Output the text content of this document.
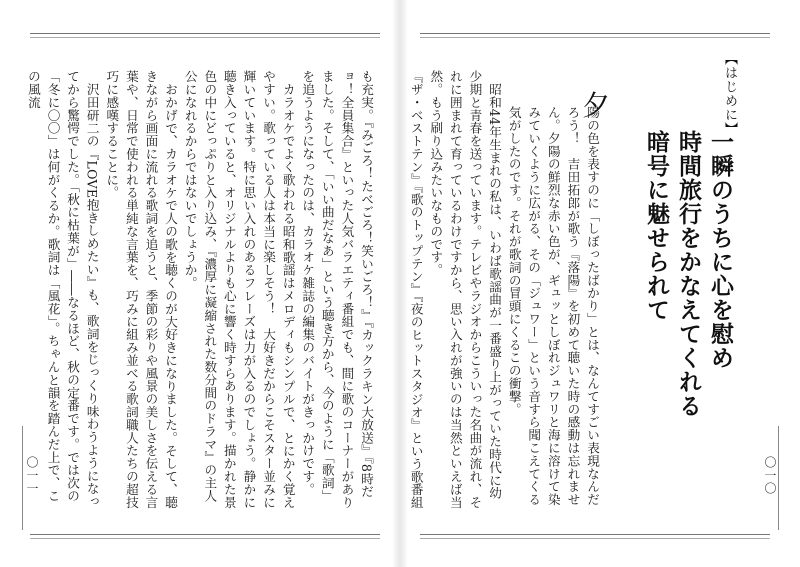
〇一一	〇一〇
【はじめに】
一瞬のうちに心を慰め
時間旅行をかなえてくれる
暗号に魅せられて
夕

陽の色を表すのに「しぼったばかり」とは、なんてすごい表現なんだろう！　吉田拓郎が歌う『落陽』を初めて聴いた時の感動は忘れません。夕陽の鮮烈な赤い色が、ギュッとしぼれジュワリと海に溶けて染みていくように広がる、その「ジュワー」という音すら聞こえてくる気がしたのです。それが歌詞の冒頭にくるこの衝撃。

昭和44年生まれの私は、いわば歌謡曲が一番盛り上がっていた時代に幼少期と青春を送っています。テレビやラジオからこういった名曲が流れ、それに囲まれて育っているわけですから、思い入れが強いのは当然といえば当然。もう刷り込みたいなものです。

『ザ・ベストテン』『歌のトップテン』『夜のヒットスタジオ』という歌番組

も充実。『みごろ！たべごろ！笑いごろ！』『カックラキン大放送』『8時だョ！全員集合』といった人気バラエティ番組でも、間に歌のコーナーがありました。そして、「いい曲だなあ」という聴き方から、今のように「歌詞」を追うようになったのは、カラオケ雑誌の編集のバイトがきっかけです。

カラオケでよく歌われる昭和歌謡はメロディもシンプルで、とにかく覚えやすい。歌っている人は本当に楽しそう！　大好きだからこそスター並みに輝いています。特に思い入れのあるフレーズは力が入るのでしょう。静かに聴き入っていると、オリジナルよりも心に響く時すらあります。描かれた景色の中にどっぷりと入り込み、『濃厚に凝縮された数分間のドラマ』の主人公になれるからではないでしょうか。

おかげで、カラオケで人の歌を聴くのが大好きになりました。そして、聴きながら画面に流れる歌詞を追うと、季節の彩りや風景の美しさを伝える言葉や、日常で使われる単純な言葉を、巧みに組み並べる歌詞職人たちの超技巧に感嘆することに。

沢田研二の『LOVE抱きしめたい』も、歌詞をじっくり味わうようになってから驚愕でした。「秋に枯葉が」――なるほど、秋の定番です。では次の「冬に〇〇」は何がくるか。歌詞は「風花」。ちゃんと韻を踏んだ上で、この風流
